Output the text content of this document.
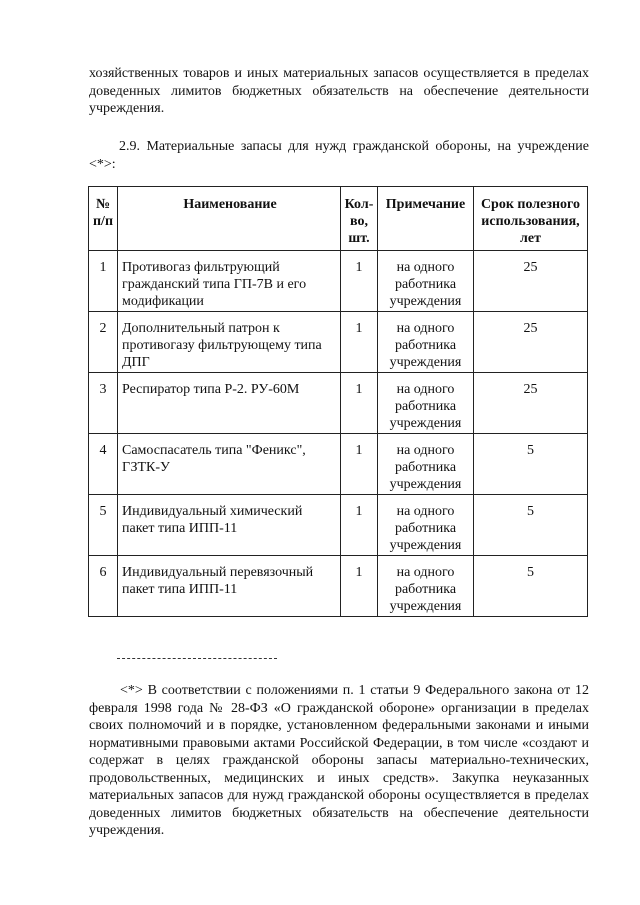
хозяйственных товаров и иных материальных запасов осуществляется в пределах доведенных лимитов бюджетных обязательств на обеспечение деятельности учреждения.
2.9. Материальные запасы для нужд гражданской обороны, на учреждение <*>:
№ п/п	Наименование	Кол-во, шт.	Примечание	Срок полезного использования, лет
1	Противогаз фильтрующий гражданский типа ГП-7В и его модификации	1	на одного работника учреждения	25
2	Дополнительный патрон к противогазу фильтрующему типа ДПГ	1	на одного работника учреждения	25
3	Респиратор типа Р-2. РУ-60М	1	на одного работника учреждения	25
4	Самоспасатель типа "Феникс", ГЗТК-У	1	на одного работника учреждения	5
5	Индивидуальный химический пакет типа ИПП-11	1	на одного работника учреждения	5
6	Индивидуальный перевязочный пакет типа ИПП-11	1	на одного работника учреждения	5
<*> В соответствии с положениями п. 1 статьи 9 Федерального закона от 12 февраля 1998 года № 28-ФЗ «О гражданской обороне» организации в пределах своих полномочий и в порядке, установленном федеральными законами и иными нормативными правовыми актами Российской Федерации, в том числе «создают и содержат в целях гражданской обороны запасы материально-технических, продовольственных, медицинских и иных средств». Закупка неуказанных материальных запасов для нужд гражданской обороны осуществляется в пределах доведенных лимитов бюджетных обязательств на обеспечение деятельности учреждения.
